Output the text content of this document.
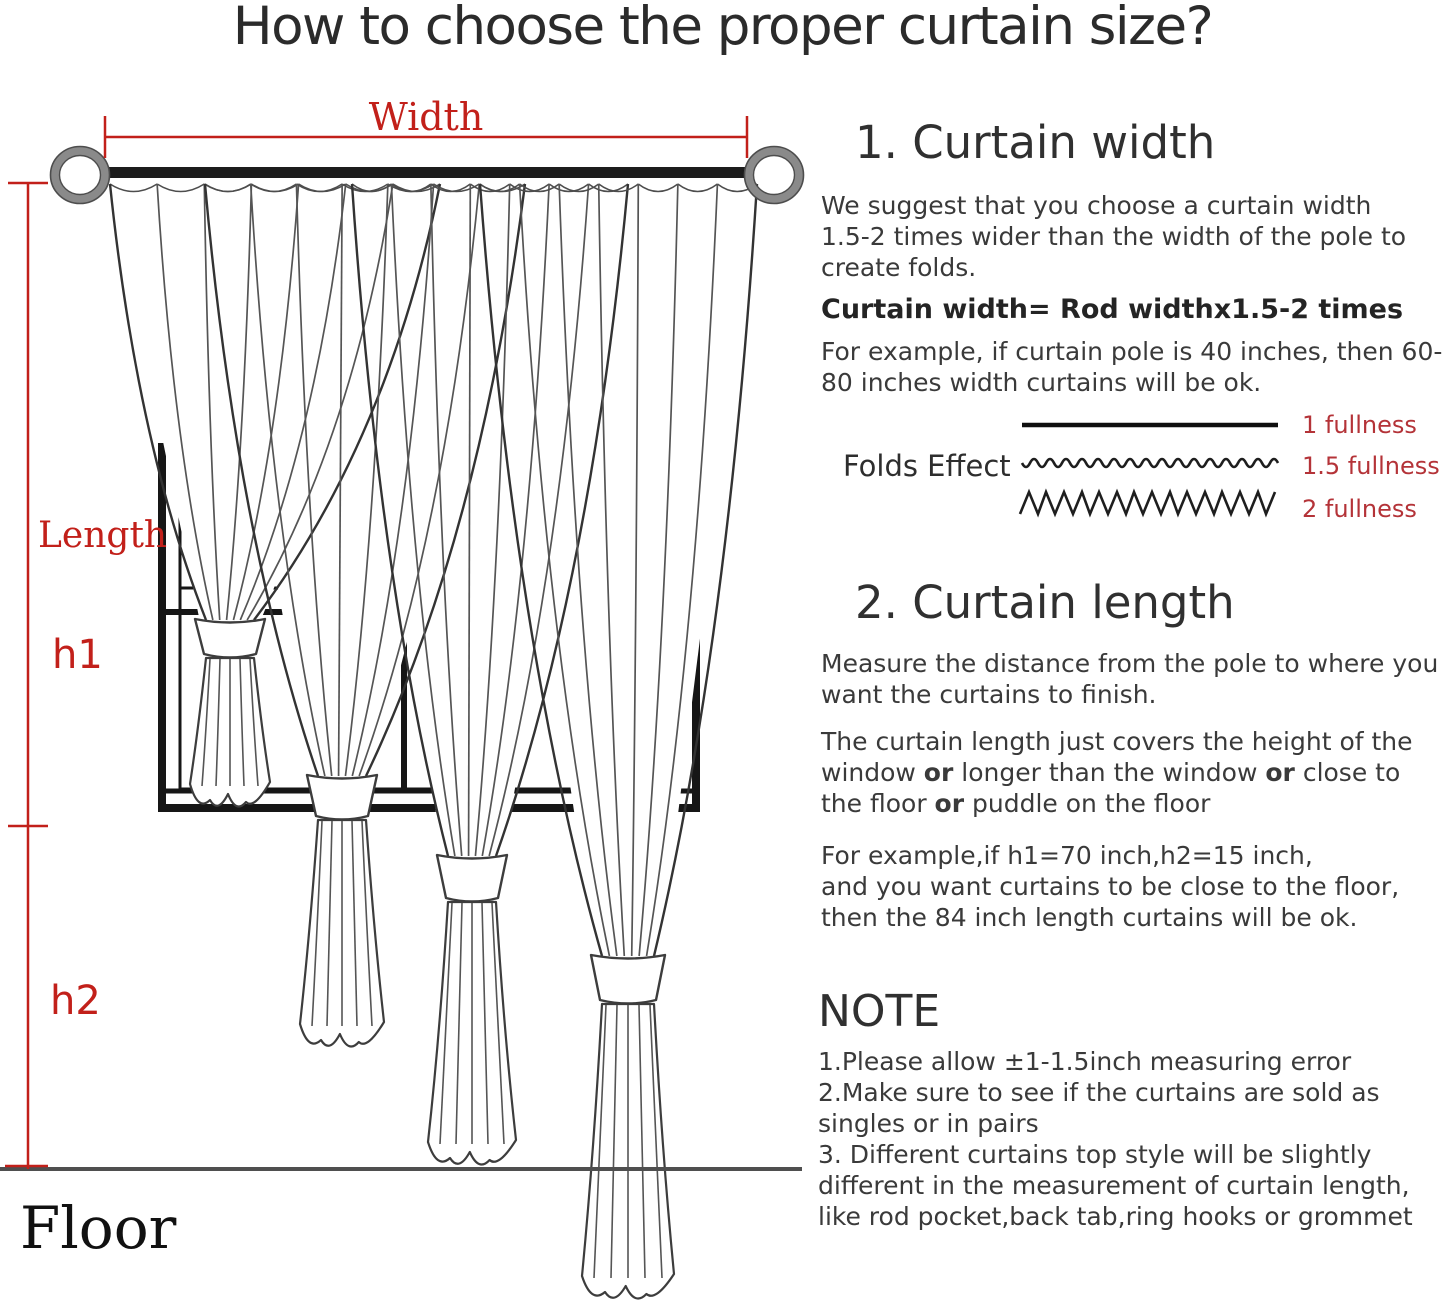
How to choose the proper curtain size?
Width
Length
h1
h2
Floor
1. Curtain width
We suggest that you choose a curtain width 1.5-2 times wider than the width of the pole to create folds.
Curtain width= Rod widthx1.5-2 times
For example, if curtain pole is 40 inches, then 60-80 inches width curtains will be ok.
Folds Effect
1 fullness
1.5 fullness
2 fullness
2. Curtain length
Measure the distance from the pole to where you want the curtains to finish.
The curtain length just covers the height of the window or longer than the window or close to the floor or puddle on the floor
For example,if h1=70 inch,h2=15 inch,
and you want curtains to be close to the floor,
then the 84 inch length curtains will be ok.
NOTE
1.Please allow ±1-1.5inch measuring error
2.Make sure to see if the curtains are sold as singles or in pairs
3. Different curtains top style will be slightly different in the measurement of curtain length, like rod pocket,back tab,ring hooks or grommet
